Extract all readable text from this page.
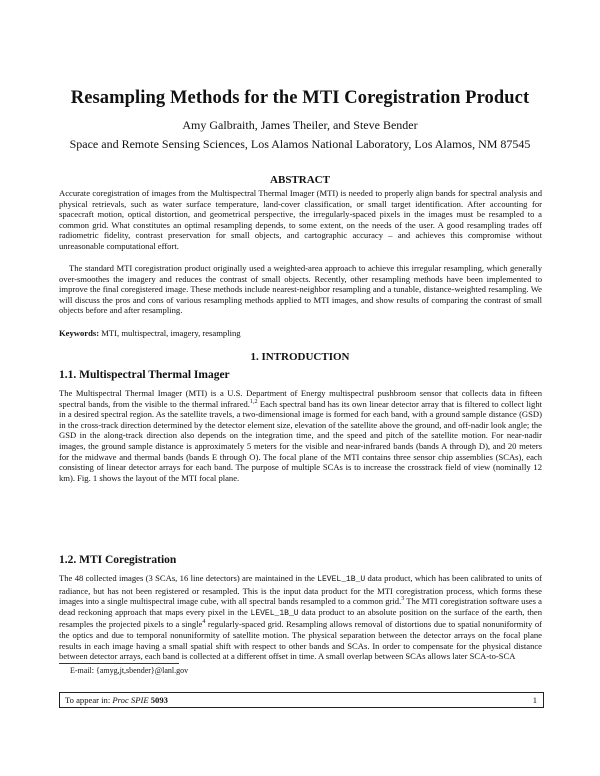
Resampling Methods for the MTI Coregistration Product
Amy Galbraith, James Theiler, and Steve Bender
Space and Remote Sensing Sciences, Los Alamos National Laboratory, Los Alamos, NM 87545
ABSTRACT

Accurate coregistration of images from the Multispectral Thermal Imager (MTI) is needed to properly align bands for spectral analysis and physical retrievals, such as water surface temperature, land-cover classification, or small target identification. After accounting for spacecraft motion, optical distortion, and geometrical perspective, the irregularly-spaced pixels in the images must be resampled to a common grid. What constitutes an optimal resampling depends, to some extent, on the needs of the user. A good resampling trades off radiometric fidelity, contrast preservation for small objects, and cartographic accuracy – and achieves this compromise without unreasonable computational effort.

The standard MTI coregistration product originally used a weighted-area approach to achieve this irregular resampling, which generally over-smoothes the imagery and reduces the contrast of small objects. Recently, other resampling methods have been implemented to improve the final coregistered image. These methods include nearest-neighbor resampling and a tunable, distance-weighted resampling. We will discuss the pros and cons of various resampling methods applied to MTI images, and show results of comparing the contrast of small objects before and after resampling.

Keywords: MTI, multispectral, imagery, resampling

1. INTRODUCTION
1.1. Multispectral Thermal Imager

The Multispectral Thermal Imager (MTI) is a U.S. Department of Energy multispectral pushbroom sensor that collects data in fifteen spectral bands, from the visible to the thermal infrared.$^{1,2}$ Each spectral band has its own linear detector array that is filtered to collect light in a desired spectral region. As the satellite travels, a two-dimensional image is formed for each band, with a ground sample distance (GSD) in the cross-track direction determined by the detector element size, elevation of the satellite above the ground, and off-nadir look angle; the GSD in the along-track direction also depends on the integration time, and the speed and pitch of the satellite motion. For near-nadir images, the ground sample distance is approximately 5 meters for the visible and near-infrared bands (bands A through D), and 20 meters for the midwave and thermal bands (bands E through O). The focal plane of the MTI contains three sensor chip assemblies (SCAs), each consisting of linear detector arrays for each band. The purpose of multiple SCAs is to increase the crosstrack field of view (nominally 12 km). Fig. 1 shows the layout of the MTI focal plane.

1.2. MTI Coregistration

The 48 collected images (3 SCAs, 16 line detectors) are maintained in the LEVEL_1B_U data product, which has been calibrated to units of radiance, but has not been registered or resampled. This is the input data product for the MTI coregistration process, which forms these images into a single multispectral image cube, with all spectral bands resampled to a common grid.$^3$ The MTI coregistration software uses a dead reckoning approach that maps every pixel in the LEVEL_1B_U data product to an absolute position on the surface of the earth, then resamples the projected pixels to a single$^4$ regularly-spaced grid. Resampling allows removal of distortions due to spatial nonuniformity of the optics and due to temporal nonuniformity of satellite motion. The physical separation between the detector arrays on the focal plane results in each image having a small spatial shift with respect to other bands and SCAs. In order to compensate for the physical distance between detector arrays, each band is collected at a different offset in time. A small overlap between SCAs allows later SCA-to-SCA

E-mail: {amyg,jt,sbender}@lanl.gov
To appear in: Proc SPIE 5093	1
